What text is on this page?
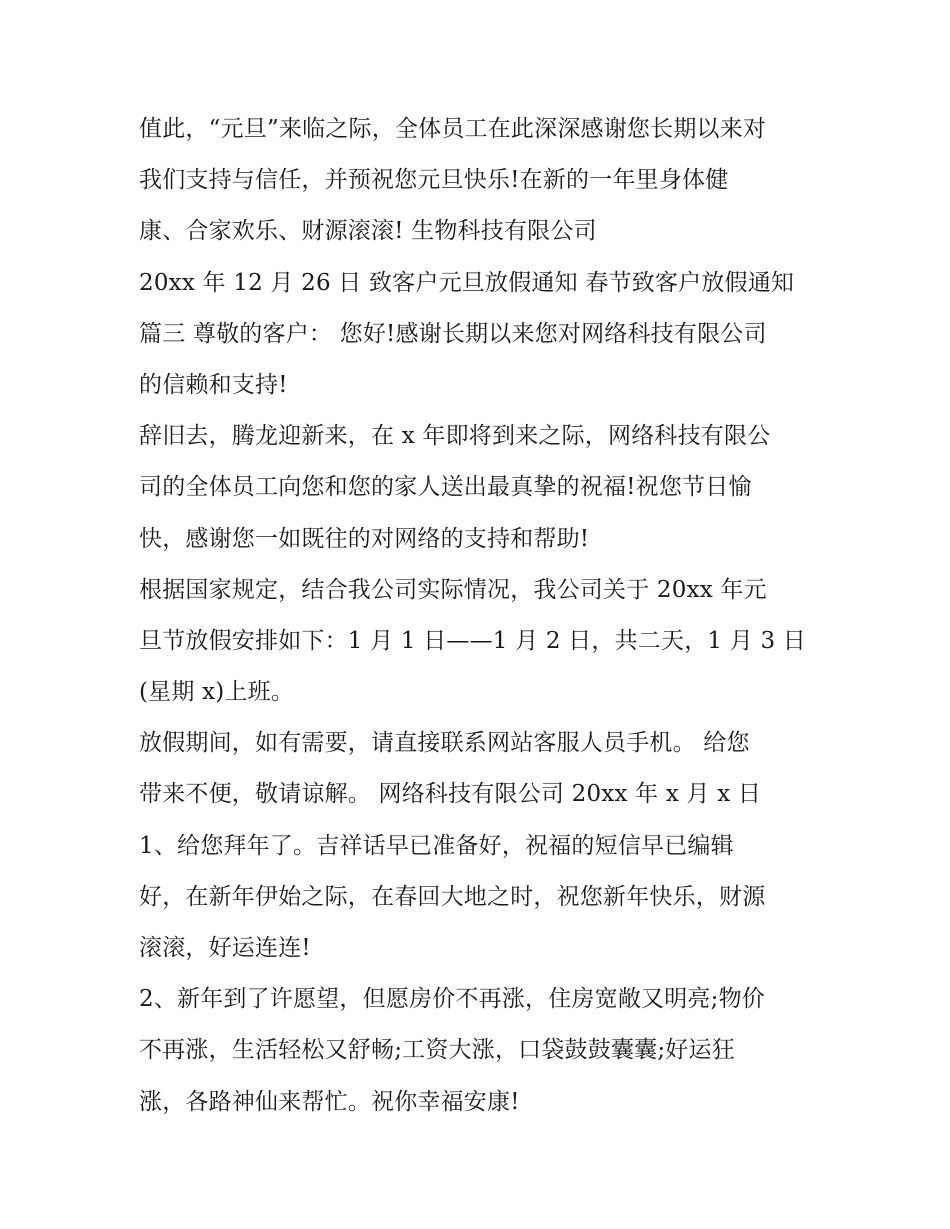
值此，“元旦”来临之际，全体员工在此深深感谢您长期以来对
我们支持与信任，并预祝您元旦快乐!在新的一年里身体健
康、合家欢乐、财源滚滚! 生物科技有限公司
20xx 年 12 月 26 日 致客户元旦放假通知 春节致客户放假通知
篇三 尊敬的客户： 您好!感谢长期以来您对网络科技有限公司
的信赖和支持!
辞旧去，腾龙迎新来，在 x 年即将到来之际，网络科技有限公
司的全体员工向您和您的家人送出最真挚的祝福!祝您节日愉
快，感谢您一如既往的对网络的支持和帮助!
根据国家规定，结合我公司实际情况，我公司关于 20xx 年元
旦节放假安排如下：1 月 1 日——1 月 2 日，共二天，1 月 3 日
(星期 x)上班。
放假期间，如有需要，请直接联系网站客服人员手机。 给您
带来不便，敬请谅解。 网络科技有限公司 20xx 年 x 月 x 日
1、给您拜年了。吉祥话早已准备好，祝福的短信早已编辑
好，在新年伊始之际，在春回大地之时，祝您新年快乐，财源
滚滚，好运连连!
2、新年到了许愿望，但愿房价不再涨，住房宽敞又明亮;物价
不再涨，生活轻松又舒畅;工资大涨，口袋鼓鼓囊囊;好运狂
涨，各路神仙来帮忙。祝你幸福安康!
